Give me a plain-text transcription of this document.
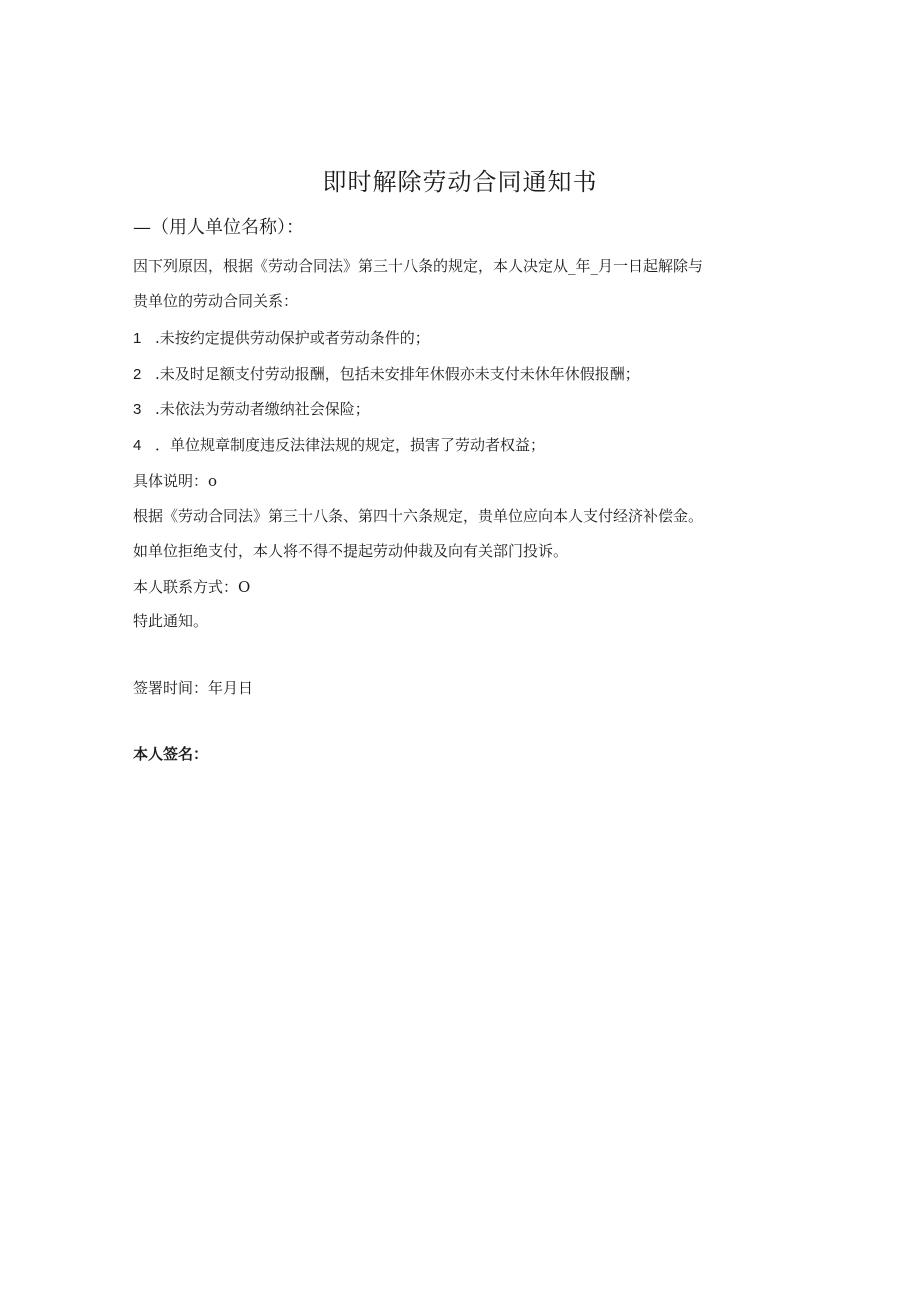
即时解除劳动合同通知书
—（用人单位名称）：
因下列原因，根据《劳动合同法》第三十八条的规定，本人决定从_年_月一日起解除与
贵单位的劳动合同关系：
1 .未按约定提供劳动保护或者劳动条件的；
2 .未及时足额支付劳动报酬，包括未安排年休假亦未支付未休年休假报酬；
3 .未依法为劳动者缴纳社会保险；
4 ．单位规章制度违反法律法规的规定，损害了劳动者权益；
具体说明：o
根据《劳动合同法》第三十八条、第四十六条规定，贵单位应向本人支付经济补偿金。
如单位拒绝支付，本人将不得不提起劳动仲裁及向有关部门投诉。
本人联系方式：O
特此通知。
签署时间：年月日
本人签名：
